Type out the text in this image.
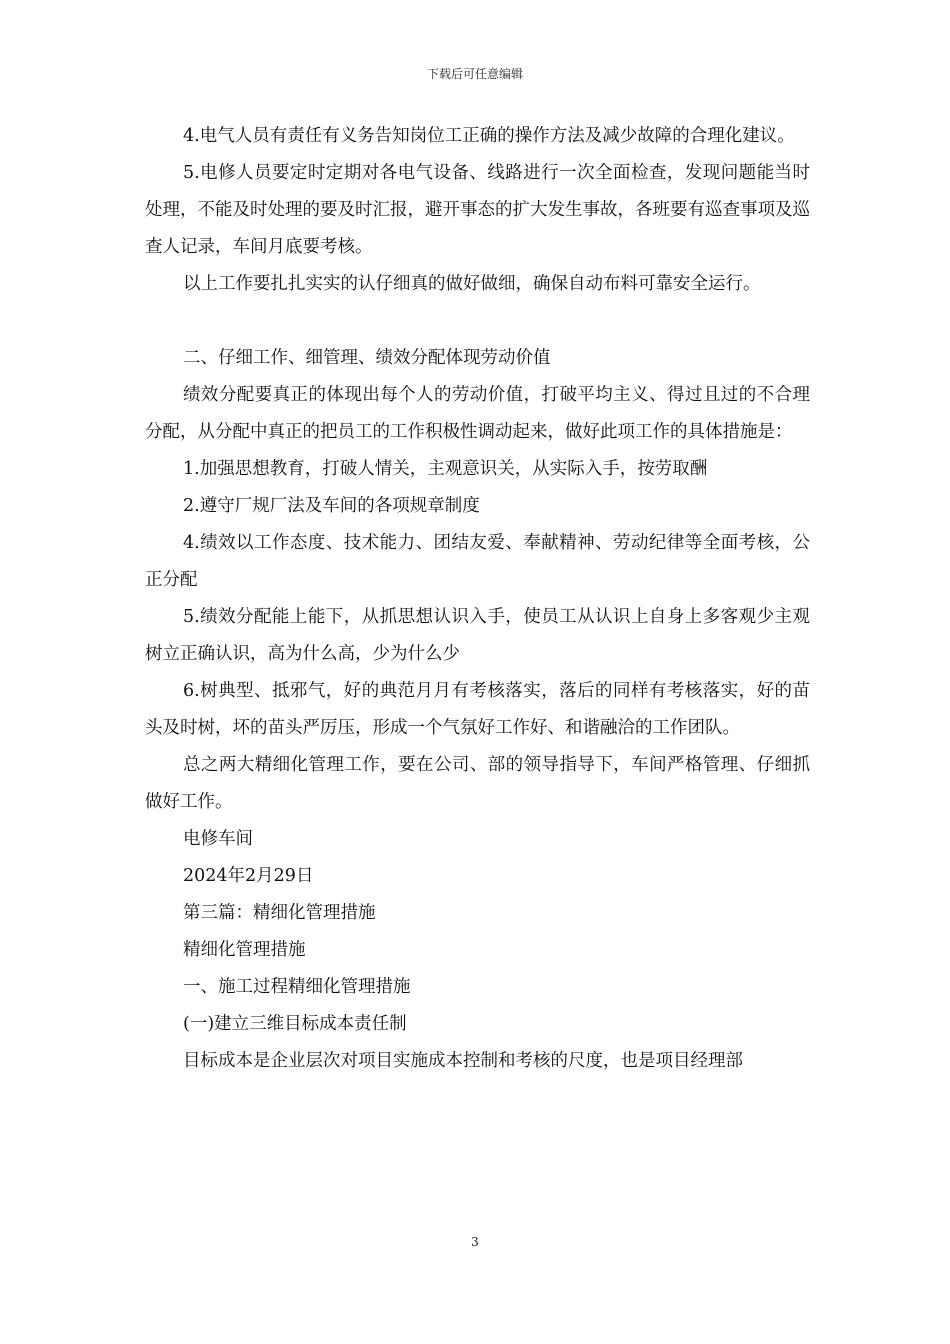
下载后可任意编辑

4.电气人员有责任有义务告知岗位工正确的操作方法及减少故障的合理化建议。

5.电修人员要定时定期对各电气设备、线路进行一次全面检查，发现问题能当时处理，不能及时处理的要及时汇报，避开事态的扩大发生事故，各班要有巡查事项及巡查人记录，车间月底要考核。

以上工作要扎扎实实的认仔细真的做好做细，确保自动布料可靠安全运行。

二、仔细工作、细管理、绩效分配体现劳动价值

绩效分配要真正的体现出每个人的劳动价值，打破平均主义、得过且过的不合理分配，从分配中真正的把员工的工作积极性调动起来，做好此项工作的具体措施是：

1.加强思想教育，打破人情关，主观意识关，从实际入手，按劳取酬

2.遵守厂规厂法及车间的各项规章制度

4.绩效以工作态度、技术能力、团结友爱、奉献精神、劳动纪律等全面考核，公正分配

5.绩效分配能上能下，从抓思想认识入手，使员工从认识上自身上多客观少主观树立正确认识，高为什么高，少为什么少

6.树典型、抵邪气，好的典范月月有考核落实，落后的同样有考核落实，好的苗头及时树，坏的苗头严厉压，形成一个气氛好工作好、和谐融洽的工作团队。

总之两大精细化管理工作，要在公司、部的领导指导下，车间严格管理、仔细抓做好工作。

电修车间

2024年2月29日

第三篇：精细化管理措施

精细化管理措施

一、施工过程精细化管理措施

(一)建立三维目标成本责任制

目标成本是企业层次对项目实施成本控制和考核的尺度，也是项目经理部

3
